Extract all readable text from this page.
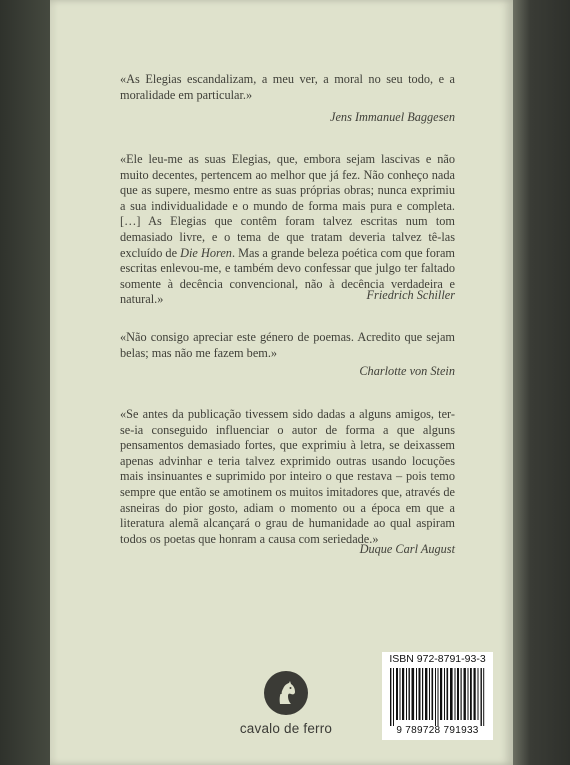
«As Elegias escandalizam, a meu ver, a moral no seu todo, e a moralidade em particular.»
Jens Immanuel Baggesen
«Ele leu-me as suas Elegias, que, embora sejam lascivas e não muito decentes, pertencem ao melhor que já fez. Não conheço nada que as supere, mesmo entre as suas próprias obras; nunca exprimiu a sua individualidade e o mundo de forma mais pura e completa. […] As Elegias que contêm foram talvez escritas num tom demasiado livre, e o tema de que tratam deveria talvez tê-las excluído de Die Horen. Mas a grande beleza poética com que foram escritas enlevou-me, e também devo confessar que julgo ter faltado somente à decência convencional, não à decência verdadeira e natural.»	Friedrich Schiller
«Não consigo apreciar este género de poemas. Acredito que sejam belas; mas não me fazem bem.»
Charlotte von Stein
«Se antes da publicação tivessem sido dadas a alguns amigos, ter-se-ia conseguido influenciar o autor de forma a que alguns pensamentos demasiado fortes, que exprimiu à letra, se deixassem apenas advinhar e teria talvez exprimido outras usando locuções mais insinuantes e suprimido por inteiro o que restava – pois temo sempre que então se amotinem os muitos imitadores que, através de asneiras do pior gosto, adiam o momento ou a época em que a literatura alemã alcançará o grau de humanidade ao qual aspiram todos os poetas que honram a causa com seriedade.»
Duque Carl August
cavalo de ferro
ISBN 972-8791-93-3
9 789728 791933
